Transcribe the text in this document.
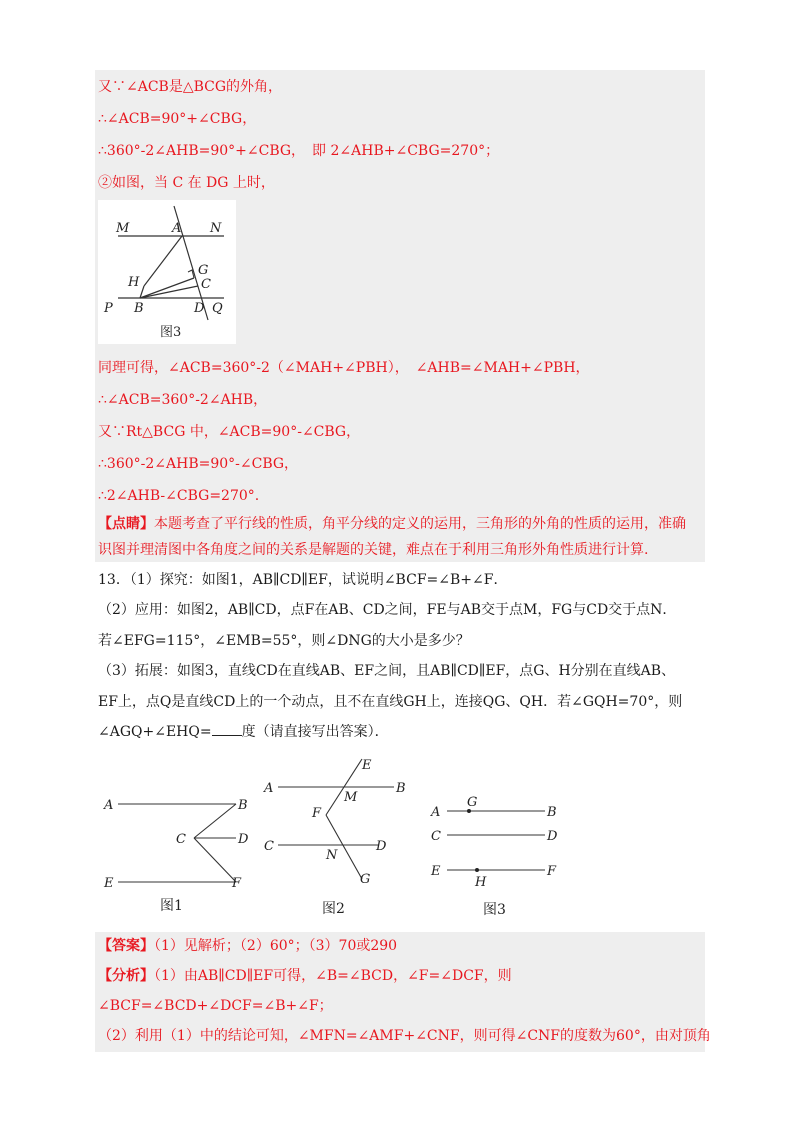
又∵∠ACB是△BCG的外角，
∴∠ACB=90°+∠CBG，
∴360°-2∠AHB=90°+∠CBG，　即 2∠AHB+∠CBG=270°；
②如图，当 C 在 DG 上时，
M	A N
H
G
C
P B	D Q
图3
同理可得，∠ACB=360°-2（∠MAH+∠PBH），　∠AHB=∠MAH+∠PBH，
∴∠ACB=360°-2∠AHB，
又∵Rt△BCG 中，∠ACB=90°-∠CBG，
∴360°-2∠AHB=90°-∠CBG，
∴2∠AHB-∠CBG=270°.
【点睛】本题考查了平行线的性质，角平分线的定义的运用，三角形的外角的性质的运用，准确
识图并理清图中各角度之间的关系是解题的关键，难点在于利用三角形外角性质进行计算.
13．（1）探究：如图1，AB∥CD∥EF，试说明∠BCF=∠B+∠F．
（2）应用：如图2，AB∥CD，点F在AB、CD之间，FE与AB交于点M，FG与CD交于点N．
若∠EFG=115°，∠EMB=55°，则∠DNG的大小是多少？
（3）拓展：如图3，直线CD在直线AB、EF之间，且AB∥CD∥EF，点G、H分别在直线AB、
EF上，点Q是直线CD上的一个动点，且不在直线GH上，连接QG、QH．若∠GQH=70°，则
∠AGQ+∠EHQ= 度（请直接写出答案）．
A	B
C	D
E	F
图1
E
A
M
B
F
C
N
D
G
图2
A
G
B
C	D
E
H
F
图3
【答案】（1）见解析；（2）60°；（3）70或290
【分析】（1）由AB∥CD∥EF可得，∠B=∠BCD，∠F=∠DCF，则
∠BCF=∠BCD+∠DCF=∠B+∠F；
（2）利用（1）中的结论可知，∠MFN=∠AMF+∠CNF，则可得∠CNF的度数为60°，由对顶角
